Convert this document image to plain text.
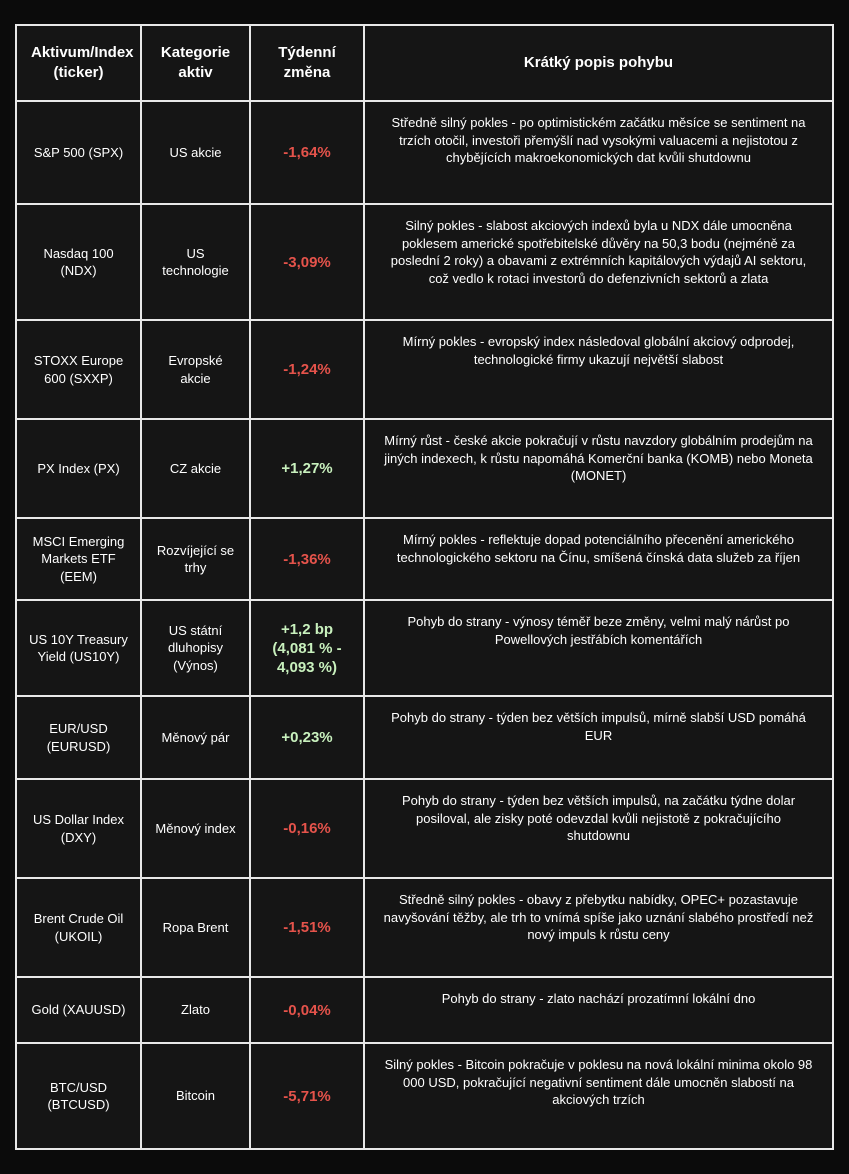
Aktivum/Index (ticker)	Kategorie aktiv	Týdenní změna	Krátký popis pohybu
S&P 500 (SPX)	US akcie	-1,64%	Středně silný pokles - po optimistickém začátku měsíce se sentiment na trzích otočil, investoři přemýšlí nad vysokými valuacemi a nejistotou z chybějících makroekonomických dat kvůli shutdownu
Nasdaq 100 (NDX)	US technologie	-3,09%	Silný pokles - slabost akciových indexů byla u NDX dále umocněna poklesem americké spotřebitelské důvěry na 50,3 bodu (nejméně za poslední 2 roky) a obavami z extrémních kapitálových výdajů AI sektoru, což vedlo k rotaci investorů do defenzivních sektorů a zlata
STOXX Europe 600 (SXXP)	Evropské akcie	-1,24%	Mírný pokles - evropský index následoval globální akciový odprodej, technologické firmy ukazují největší slabost
PX Index (PX)	CZ akcie	+1,27%	Mírný růst - české akcie pokračují v růstu navzdory globálním prodejům na jiných indexech, k růstu napomáhá Komerční banka (KOMB) nebo Moneta (MONET)
MSCI Emerging Markets ETF (EEM)	Rozvíjející se trhy	-1,36%	Mírný pokles - reflektuje dopad potenciálního přecenění amerického technologického sektoru na Čínu, smíšená čínská data služeb za říjen
US 10Y Treasury Yield (US10Y)	US státní dluhopisy (Výnos)	+1,2 bp (4,081 % - 4,093 %)	Pohyb do strany - výnosy téměř beze změny, velmi malý nárůst po Powellových jestřábích komentářích
EUR/USD (EURUSD)	Měnový pár	+0,23%	Pohyb do strany - týden bez větších impulsů, mírně slabší USD pomáhá EUR
US Dollar Index (DXY)	Měnový index	-0,16%	Pohyb do strany - týden bez větších impulsů, na začátku týdne dolar posiloval, ale zisky poté odevzdal kvůli nejistotě z pokračujícího shutdownu
Brent Crude Oil (UKOIL)	Ropa Brent	-1,51%	Středně silný pokles - obavy z přebytku nabídky, OPEC+ pozastavuje navyšování těžby, ale trh to vnímá spíše jako uznání slabého prostředí než nový impuls k růstu ceny
Gold (XAUUSD)	Zlato	-0,04%	Pohyb do strany - zlato nachází prozatímní lokální dno
BTC/USD (BTCUSD)	Bitcoin	-5,71%	Silný pokles - Bitcoin pokračuje v poklesu na nová lokální minima okolo 98 000 USD, pokračující negativní sentiment dále umocněn slabostí na akciových trzích
